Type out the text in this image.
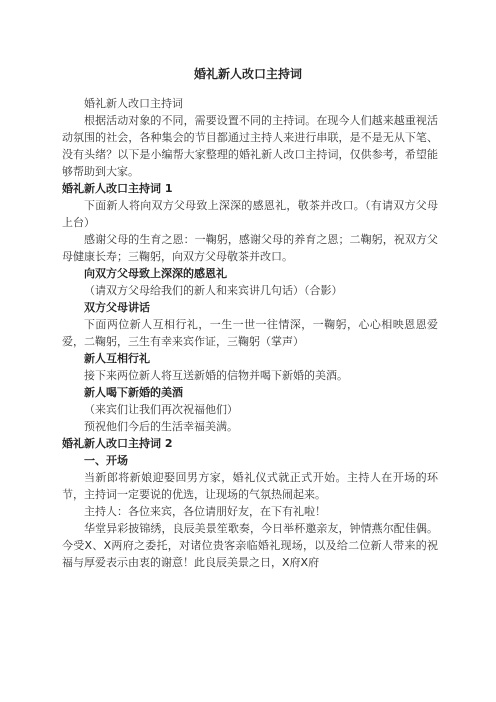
婚礼新人改口主持词

婚礼新人改口主持词

根据活动对象的不同，需要设置不同的主持词。在现今人们越来越重视活动氛围的社会，各种集会的节目都通过主持人来进行串联，是不是无从下笔、没有头绪？以下是小编帮大家整理的婚礼新人改口主持词，仅供参考，希望能够帮助到大家。

婚礼新人改口主持词 1

下面新人将向双方父母致上深深的感恩礼，敬茶并改口。（有请双方父母上台）

感谢父母的生育之恩：一鞠躬，感谢父母的养育之恩；二鞠躬，祝双方父母健康长寿；三鞠躬，向双方父母敬茶并改口。

向双方父母致上深深的感恩礼

（请双方父母给我们的新人和来宾讲几句话）（合影）

双方父母讲话

下面两位新人互相行礼，一生一世一往情深，一鞠躬，心心相映恩恩爱爱，二鞠躬，三生有幸来宾作证，三鞠躬（掌声）

新人互相行礼

接下来两位新人将互送新婚的信物并喝下新婚的美酒。

新人喝下新婚的美酒

（来宾们让我们再次祝福他们）

预祝他们今后的生活幸福美满。

婚礼新人改口主持词 2

一、开场

当新郎将新娘迎娶回男方家，婚礼仪式就正式开始。主持人在开场的环节，主持词一定要说的优选，让现场的气氛热闹起来。

主持人：各位来宾，各位请朋好友，在下有礼啦！

华堂异彩披锦绣，良辰美景笙歌奏，今日举杯邀亲友，钟情燕尔配佳偶。今受X、X两府之委托，对诸位贵客亲临婚礼现场，以及给二位新人带来的祝福与厚爱表示由衷的谢意！此良辰美景之日，X府X府
